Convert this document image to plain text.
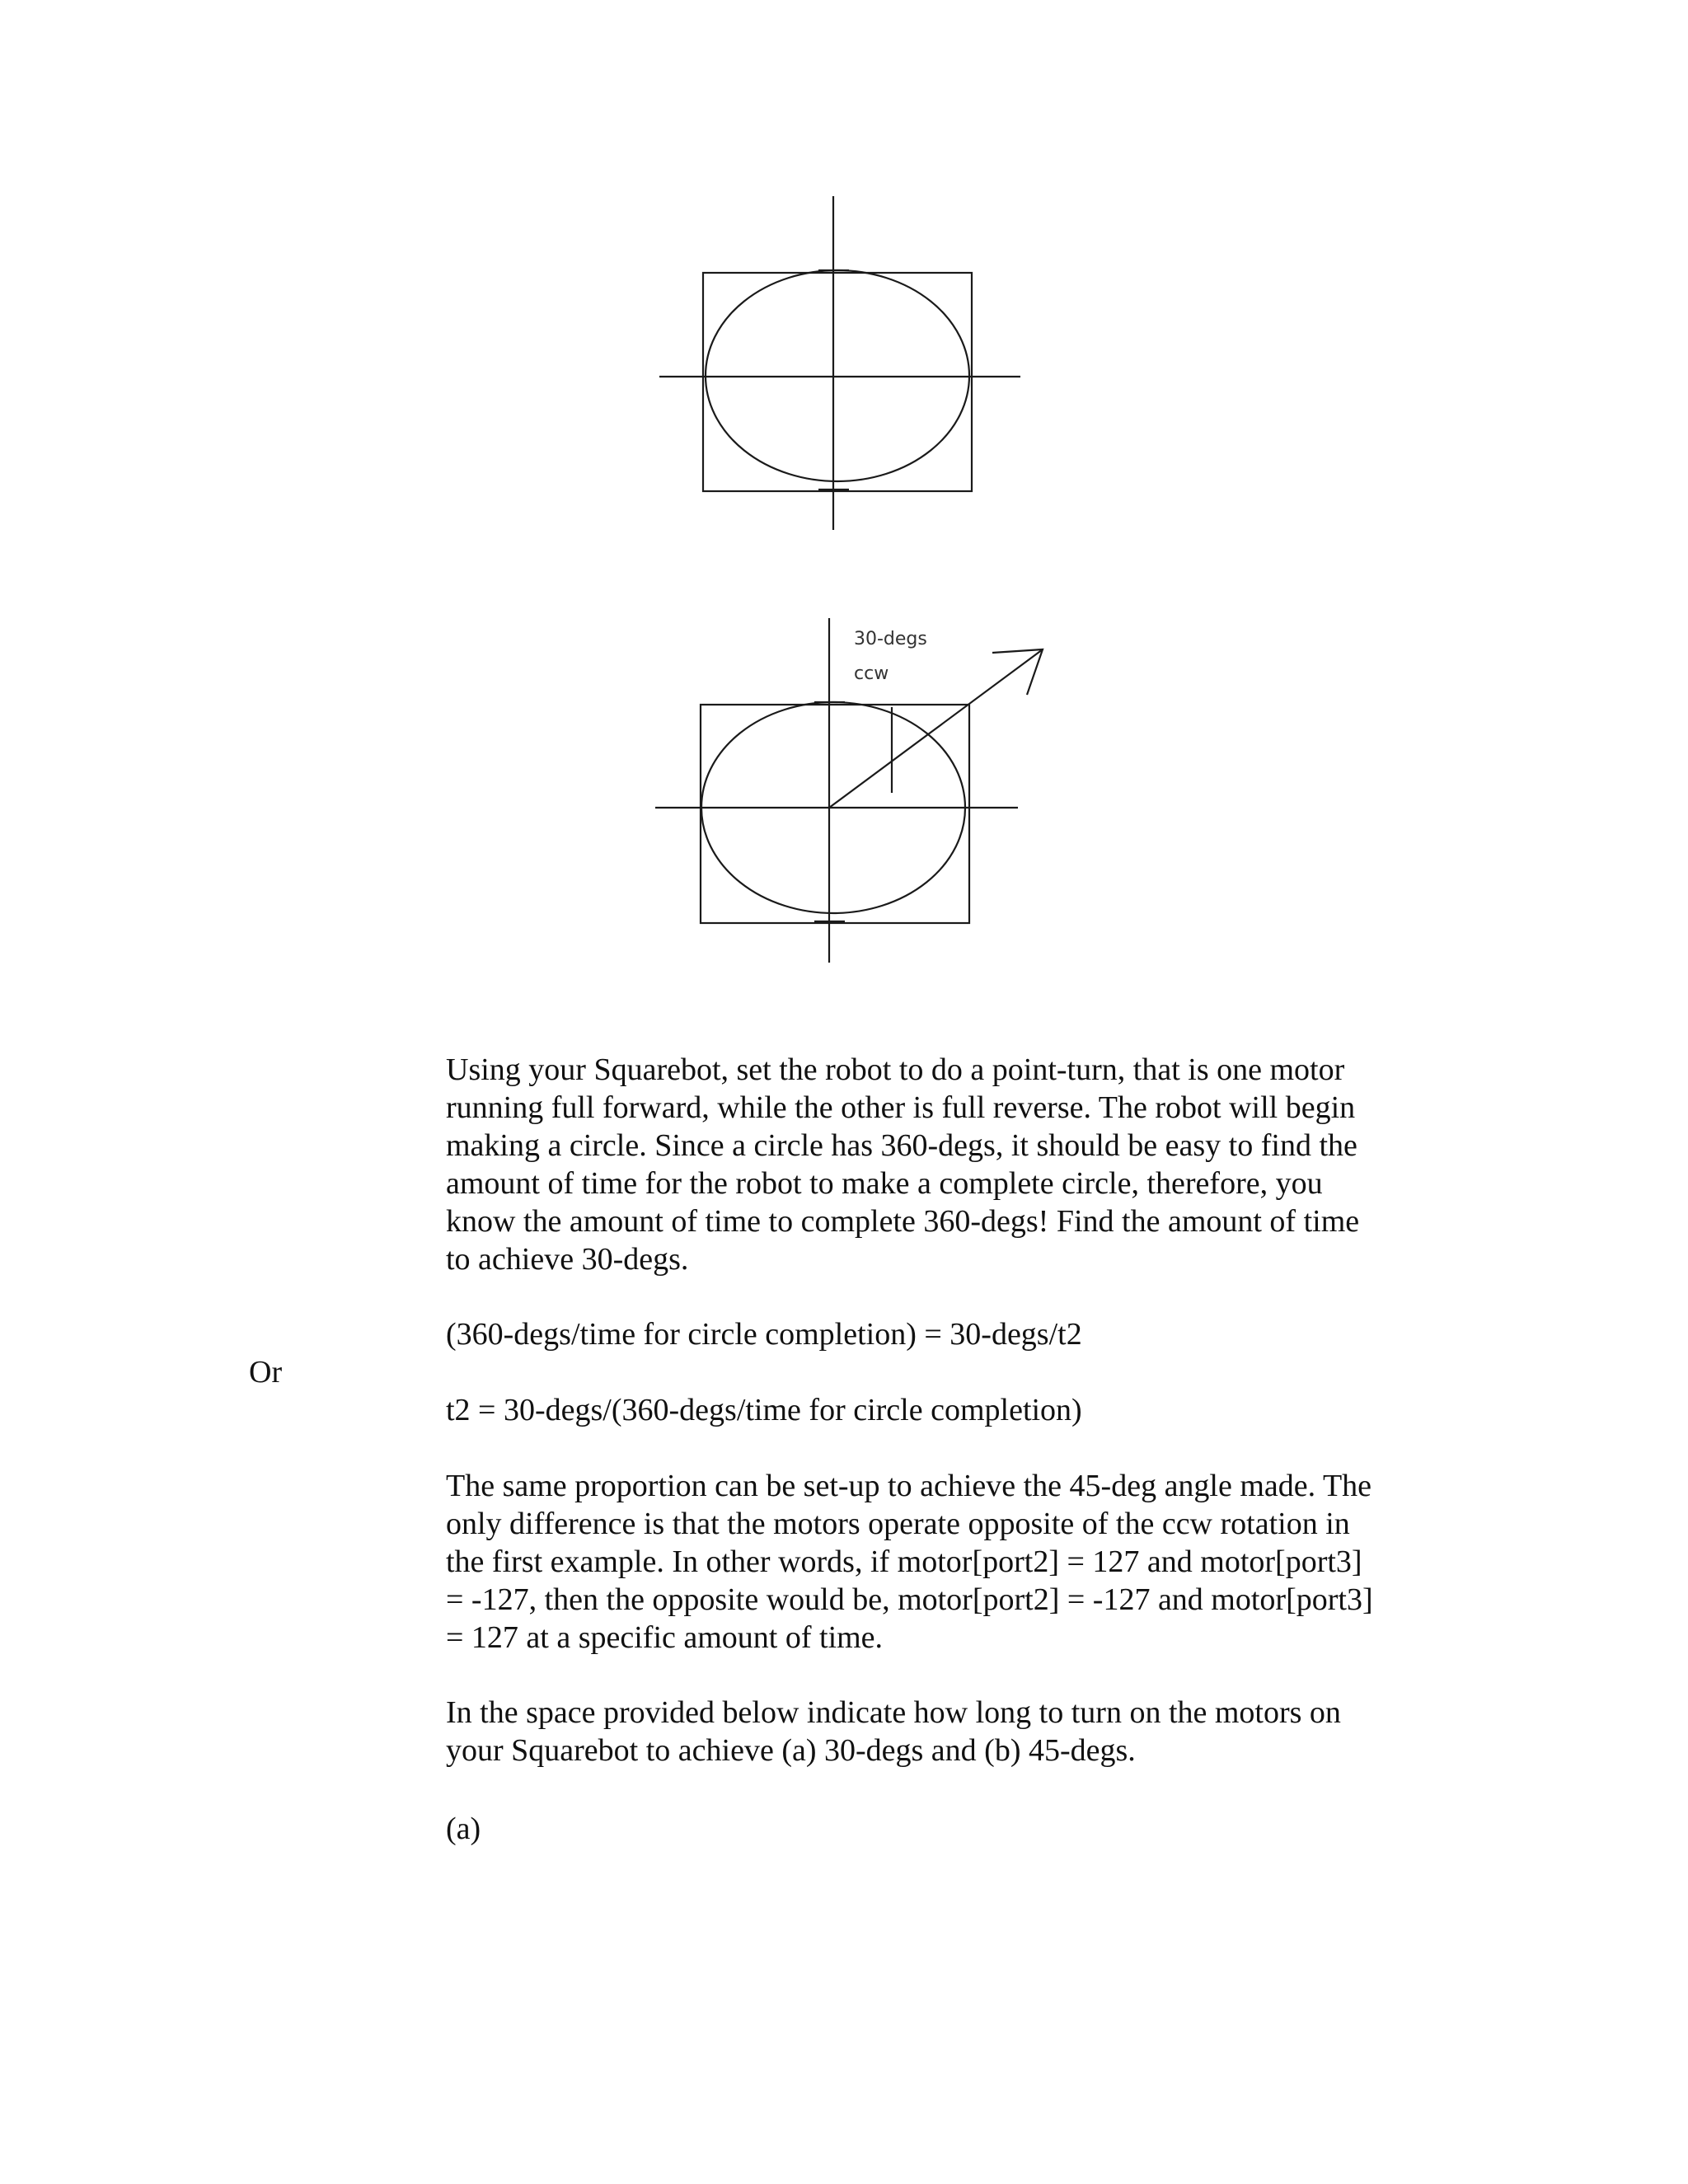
30-degs
ccw

Using your Squarebot, set the robot to do a point-turn, that is one motor
running full forward, while the other is full reverse. The robot will begin
making a circle. Since a circle has 360-degs, it should be easy to find the
amount of time for the robot to make a complete circle, therefore, you
know the amount of time to complete 360-degs! Find the amount of time
to achieve 30-degs.

(360-degs/time for circle completion) = 30-degs/t2

Or

t2 = 30-degs/(360-degs/time for circle completion)

The same proportion can be set-up to achieve the 45-deg angle made. The
only difference is that the motors operate opposite of the ccw rotation in
the first example. In other words, if motor[port2] = 127 and motor[port3]
= -127, then the opposite would be, motor[port2] = -127 and motor[port3]
= 127 at a specific amount of time.

In the space provided below indicate how long to turn on the motors on
your Squarebot to achieve (a) 30-degs and (b) 45-degs.

(a)
